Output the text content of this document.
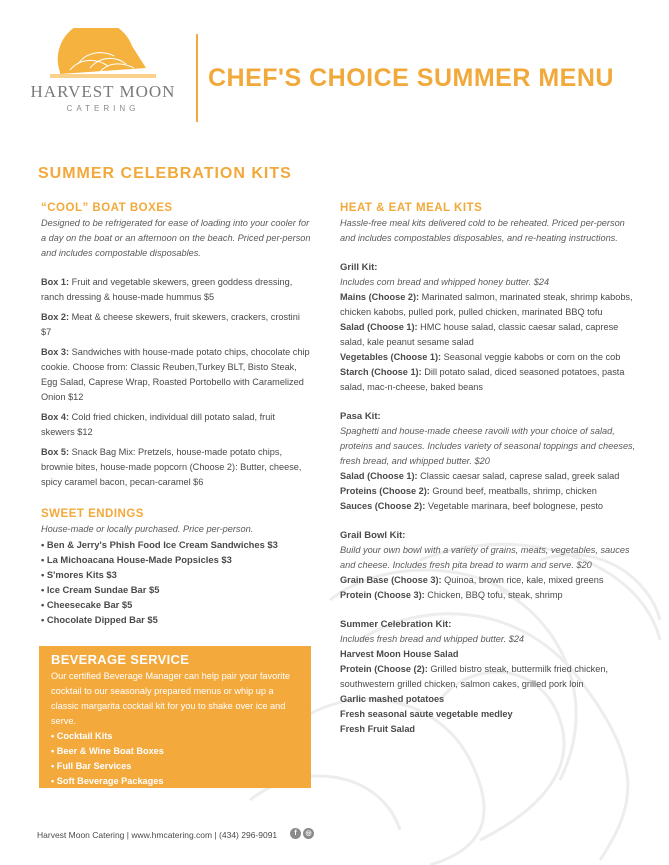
HARVEST MOON
CATERING
CHEF'S CHOICE SUMMER MENU
SUMMER CELEBRATION KITS

“COOL” BOAT BOXES

Designed to be refrigerated for ease of loading into your cooler for a day on the boat or an afternoon on the beach. Priced per-person and includes compostable disposables.

Box 1: Fruit and vegetable skewers, green goddess dressing, ranch dressing & house-made hummus $5

Box 2: Meat & cheese skewers, fruit skewers, crackers, crostini $7

Box 3: Sandwiches with house-made potato chips, chocolate chip cookie. Choose from: Classic Reuben,Turkey BLT, Bisto Steak, Egg Salad, Caprese Wrap, Roasted Portobello with Caramelized Onion $12

Box 4: Cold fried chicken, individual dill potato salad, fruit skewers $12

Box 5: Snack Bag Mix: Pretzels, house-made potato chips, brownie bites, house-made popcorn (Choose 2): Butter, cheese, spicy caramel bacon, pecan-caramel $6

SWEET ENDINGS

House-made or locally purchased. Price per-person.

• Ben & Jerry's Phish Food Ice Cream Sandwiches $3

• La Michoacana House-Made Popsicles $3

• S'mores Kits $3

• Ice Cream Sundae Bar $5

• Cheesecake Bar $5

• Chocolate Dipped Bar $5

BEVERAGE SERVICE

Our certified Beverage Manager can help pair your favorite cocktail to our seasonaly prepared menus or whip up a classic margarita cocktail kit for you to shake over ice and serve.

• Cocktail Kits

• Beer & Wine Boat Boxes

• Full Bar Services

• Soft Beverage Packages

HEAT & EAT MEAL KITS

Hassle-free meal kits delivered cold to be reheated. Priced per-person and includes compostables disposables, and re-heating instructions.

Grill Kit:

Includes corn bread and whipped honey butter. $24

Mains (Choose 2): Marinated salmon, marinated steak, shrimp kabobs, chicken kabobs, pulled pork, pulled chicken, marinated BBQ tofu

Salad (Choose 1): HMC house salad, classic caesar salad, caprese salad, kale peanut sesame salad

Vegetables (Choose 1): Seasonal veggie kabobs or corn on the cob

Starch (Choose 1): Dill potato salad, diced seasoned potatoes, pasta salad, mac-n-cheese, baked beans

Pasa Kit:

Spaghetti and house-made cheese ravoili with your choice of salad, proteins and sauces. Includes variety of seasonal toppings and cheeses, fresh bread, and whipped butter. $20

Salad (Choose 1): Classic caesar salad, caprese salad, greek salad

Proteins (Choose 2): Ground beef, meatballs, shrimp, chicken

Sauces (Choose 2): Vegetable marinara, beef bolognese, pesto

Grail Bowl Kit:

Build your own bowl with a variety of grains, meats, vegetables, sauces and cheese. Includes fresh pita bread to warm and serve. $20

Grain Base (Choose 3): Quinoa, brown rice, kale, mixed greens

Protein (Choose 3): Chicken, BBQ tofu, steak, shrimp

Summer Celebration Kit:

Includes fresh bread and whipped butter. $24

Harvest Moon House Salad

Protein (Choose (2): Grilled bistro steak, buttermilk fried chicken, southwestern grilled chicken, salmon cakes, grilled pork loin

Garlic mashed potatoes

Fresh seasonal saute vegetable medley

Fresh Fruit Salad

Harvest Moon Catering | www.hmcatering.com | (434) 296-9091	f	◎
